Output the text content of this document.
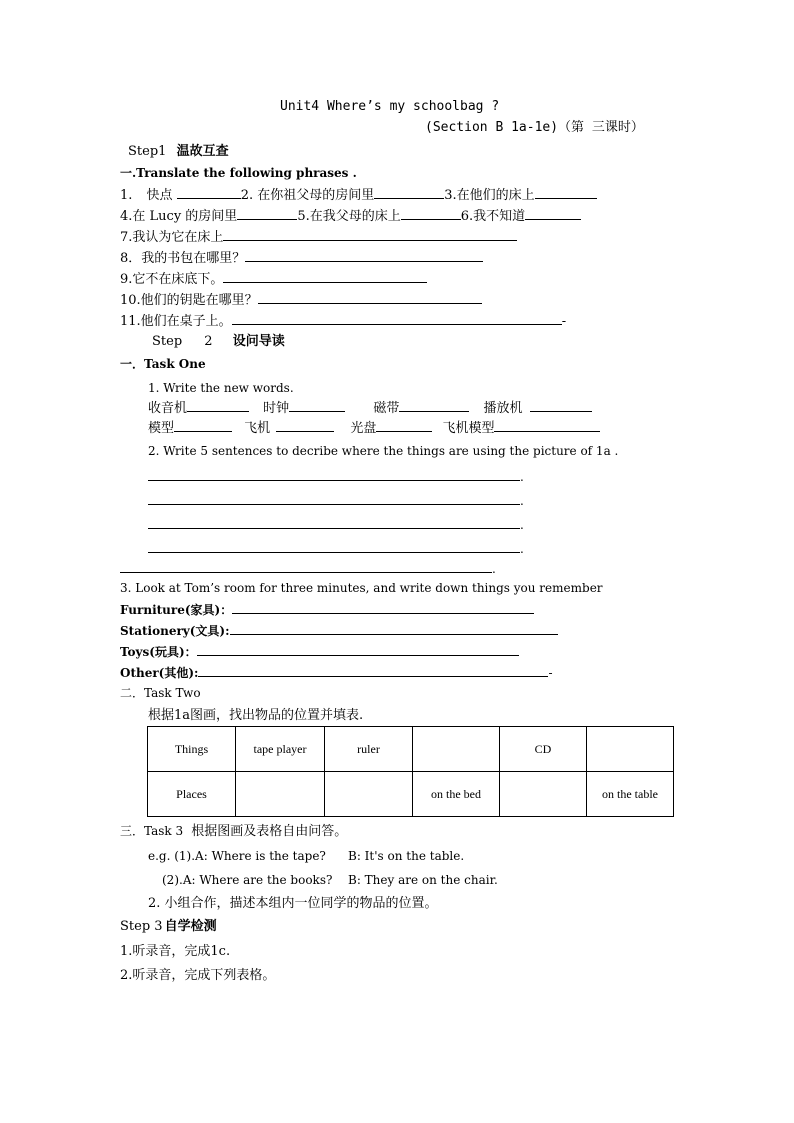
Unit4 Where’s my schoolbag ?
(Section B 1a-1e)（第 三课时）
Step1 温故互查
一.Translate the following phrases .
1. 快点	2. 在你祖父母的房间里	3.在他们的床上
4.在 Lucy 的房间里	5.在我父母的床上	6.我不知道
7.我认为它在床上
8．我的书包在哪里？
9.它不在床底下。
10.他们的钥匙在哪里？
11.他们在桌子上。	-
Step 2 设问导读
一．Task One
1. Write the new words.
收音机	时钟	磁带	播放机
模型	飞机	光盘	飞机模型
2. Write 5 sentences to decribe where the things are using the picture of 1a .
.
.
.
.
.
3. Look at Tom’s room for three minutes, and write down things you remember
Furniture(家具)：
Stationery(文具):
Toys(玩具)：
Other(其他):	-
二．Task Two
根据1a图画，找出物品的位置并填表.
Things	tape player	ruler		CD	
Places			on the bed		on the table
三．Task 3 根据图画及表格自由问答。
e.g. (1).A: Where is the tape? B: It's on the table.
(2).A: Where are the books? B: They are on the chair.
2. 小组合作，描述本组内一位同学的物品的位置。
Step 3 自学检测
1.听录音，完成1c.
2.听录音，完成下列表格。
